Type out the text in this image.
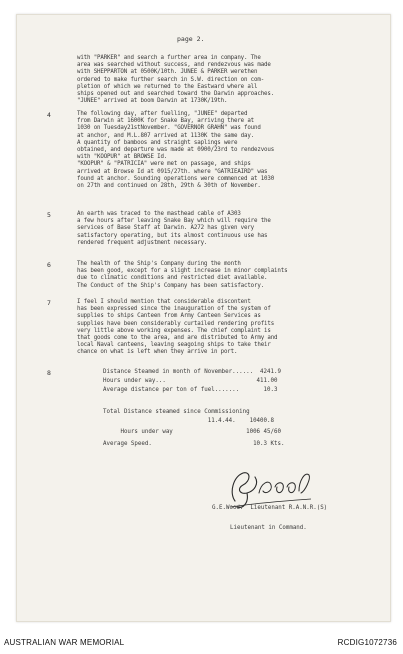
page 2.
with "PARKER" and search a further area in company. The
area was searched without success, and rendezvous was made
with SHEPPARTON at 0500K/10th. JUNEE & PARKER werethen
ordered to make further search in S.W. direction on com-
pletion of which we returned to the Eastward where all
ships opened out and searched toward the Darwin approaches.
"JUNEE" arrived at boom Darwin at 1730K/19th.
4	The following day, after fuelling, "JUNEE" departed
from Darwin at 1600K for Snake Bay, arriving there at
1030 on Tuesday21stNovember. "GOVERNOR GRAHN" was found
at anchor, and M.L.807 arrived at 1130K the same day.
A quantity of bamboos and straight saplings were
obtained, and departure was made at 0900/23rd to rendezvous
with "KOOPUR" at BROWSE Id.
"KOOPUR" & "PATRICIA" were met on passage, and ships
arrived at Browse Id at 0915/27th. where "GATRIEAIRD" was
found at anchor. Sounding operations were commenced at 1030
on 27th and continued on 28th, 29th & 30th of November.
5	An earth was traced to the masthead cable of A303
a few hours after leaving Snake Bay which will require the
services of Base Staff at Darwin. A272 has given very
satisfactory operating, but its almost continuous use has
rendered frequent adjustment necessary.
6	The health of the Ship's Company during the month
has been good, except for a slight increase in minor complaints
due to climatic conditions and restricted diet available.
The Conduct of the Ship's Company has been satisfactory.
7	I feel I should mention that considerable discontent
has been expressed since the inauguration of the system of
supplies to ships Canteen from Army Canteen Services as
supplies have been considerably curtailed rendering profits
very little above working expenses. The chief complaint is
that goods come to the area, and are distributed to Army and
local Naval canteens, leaving seagoing ships to take their
chance on what is left when they arrive in port.
8	Distance Steamed in month of November......  4241.9
Hours under way...                          411.00
Average distance per ton of fuel.......       10.3
Total Distance steamed since Commissioning
11.4.44.    10400.8
Hours under way                     1006 45/60
Average Speed.                             10.3 Kts.
G.E.Wood.  Lieutenant R.A.N.R.(S)
Lieutenant in Command.
AUSTRALIAN WAR MEMORIAL	RCDIG1072736
